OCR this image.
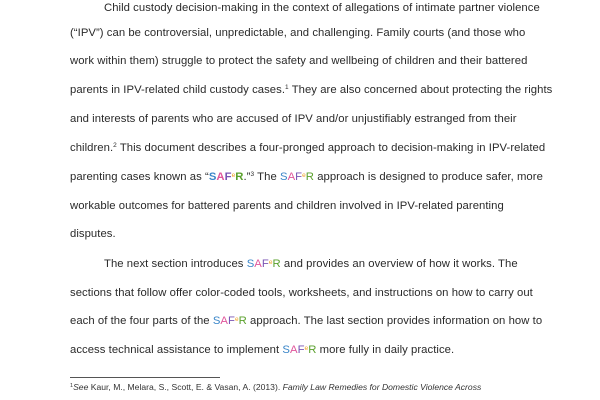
Child custody decision-making in the context of allegations of intimate partner violence
(“IPV”) can be controversial, unpredictable, and challenging. Family courts (and those who
work within them) struggle to protect the safety and wellbeing of children and their battered
parents in IPV-related child custody cases.$^1$ They are also concerned about protecting the rights
and interests of parents who are accused of IPV and/or unjustifiably estranged from their
children.$^2$ This document describes a four-pronged approach to decision-making in IPV-related
parenting cases known as “SAF$^e$R.”$^3$ The SAF$^e$R approach is designed to produce safer, more
workable outcomes for battered parents and children involved in IPV-related parenting
disputes.
The next section introduces SAF$^e$R and provides an overview of how it works. The
sections that follow offer color-coded tools, worksheets, and instructions on how to carry out
each of the four parts of the SAF$^e$R approach. The last section provides information on how to
access technical assistance to implement SAF$^e$R more fully in daily practice.
$^1$See Kaur, M., Melara, S., Scott, E. & Vasan, A. (2013). Family Law Remedies for Domestic Violence Across
